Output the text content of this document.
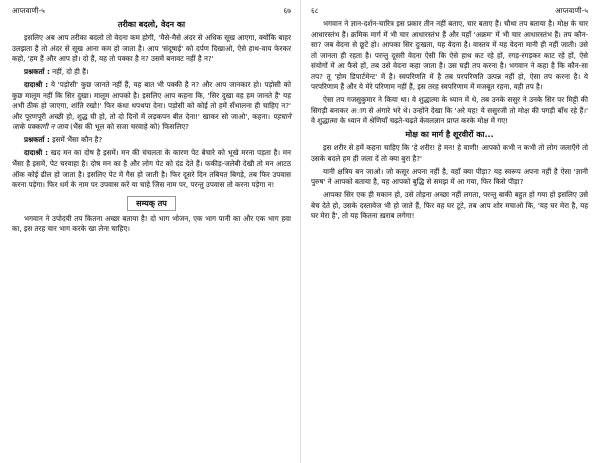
आप्तवाणी-५	६७
तरीका बदलो, वेदन का

इसलिए अब आप तरीका बदलो तो वेदना कम होगी, 'मैसे-मैसे अंदर से अधिक सूख आएगा, क्योंकि बाहर उलझता है तो अंदर से सूख आना कम हो जाता है। आप 'संदूषाई' को दर्पण दिखाओ, ऐसे हाथ-वाय फेरकर कहो, 'हम हैं और आप हो। दो हैं, यह तो पक्का है न? उसमें बनावट नहीं है न?'

प्रश्नकर्ता : नहीं, दो ही हैं।

दादाश्री : ये 'पड़ोसी' कुछ जानते नहीं हैं, यह बात भी पक्की है न? और आप जानकार हो। पड़ोसी को कुछ मालूम नहीं कि सिर दुखा। मालूम आपको है। इसलिए आप कहना कि, 'सिर दुखा वह हम जानते हैं' यह अभी ठीक हो जाएगा, शांति रखो!' फिर कंधा थपथपा देना। पड़ोसी को कोई तो हमें सँभालना ही चाहिए न?' और पूरणपूरी अच्छी हो, शुद्ध घी हो, तो दो दिनों में लड़कपन बीत देना!' खाकर सो जाओ', कहना। पहचाने जाके पक्कागी न जाय (भैंस की भूल को सजा चरवाहे को) फिसलिए?

प्रश्नकर्ता : इसमें भैंसा कौन है?

दादाश्री : खद मन का दोष है इसमें। मन की चंचलता के कारण पेट बेचारे को भूखे मरना पड़ता है। मन भैंसा है इसमें, पेट चरवाहा है। दोष मन का है और लोग पेट को दंड देते हैं। फकीड़-जलेबी देखी तो मन आटठ ऑक कोई ढील हो जाता है। इसलिए पेट में गैस हो जाती है। फिर दूसरे दिन तबियत बिगड़े, तब फिर उपवास करना पड़ेगा। फिर धर्म के नाम पर उपवास करें या चाहे जिस नाम पर, परन्तु उपवास तो करना पड़ेगा न!

सम्यक् तप

भगवान ने उपोदयी तप कितना अच्छा बताया है! दो भाग भोजन, एक भाग पानी का और एक भाग हवा का, इस तरह चार भाग करके खा लेना चाहिए।

६८	आप्तवाणी-५

भगवान ने ज्ञान-दर्शन-चारित्र इस प्रकार तीन नहीं बताए, चार बताए हैं। चौथा तप बताया है। मोक्ष के चार आधारस्तंभ हैं। क्रमिक मार्ग में भी चार आधारस्तंभ हैं और यहाँ 'अक्रम' में भी चार आधारस्तंभ हैं। तप कौन-सा? जब वेदना से छूटें हो। आपका सिर दुःखता, यह वेदना है। वास्तव में यह वेदना मानी ही नहीं जाती। उसे तो जानता ही रहता है। परन्तु दूसरी वेदना ऐसी कि ऐसे हाथ कट रहे हों, रगड़-रगड़कर काट रहे हों, ऐसे संयोगों में आ फैसे हों, तब उसे वेदना कहा जाता है। उस घड़ी तप करना है। भगवान ने कहा है कि कौन-सा तप? तू 'होम डिपार्टमेन्ट' में है। स्वपरिणति में है तब परपरिणति उत्पन्न नहीं हो, ऐसा तप करना है। ये परपरिणाम हैं और ये मेरे परिणाम नहीं हैं, इस तरह स्वपरिणाम में मजबूत रहना, वही तप है।

ऐसा तप गजसुकुमार ने किया था। वे शुद्धात्मा के ध्यान में थे, तब उनके ससुर ने उनके सिर पर मिट्टी की सिगड़ी बनाकर अाग से अंगारे भरे थे। उन्होंने देखा कि 'अरे यह! ये ससुरजी तो मोक्ष की पगड़ी बाँध रहे हैं।' वे शुद्धात्मा के ध्यान में श्रेणियाँ चढ़ते-चढ़ते केवलज्ञान प्राप्त करके मोक्ष में गए!

मोक्ष का मार्ग है शूरवीरों का...

इस शरीर से हमें कहना चाहिए कि 'हे शरीर! हे मन! हे वाणी! आपको कभी न कभी तो लोग जलाएँगे तो उसके बदले हम ही जला दें तो क्या बुरा है?'

यानी क्षत्रिय बन जाओ। जो कसूर अपना नहीं है, वहाँ क्या पीड़ा? यह स्वरूप अपना नहीं है ऐसा 'ज्ञानी पुरुष' ने आपको बताया है, यह आपको बुद्धि से समझ में आ गया, फिर किसे पीड़ा?

आपका सिर एक ही मकान हो, उसे तोड़ना अच्छा नहीं लगता, परन्तु बाकी बहुत हो गया हो इसलिए उसे बेच देते हो, उसके दस्तावेज भी हो जाते हैं, फिर वह घर टूटे, तब आप शोर मचाओ कि, 'यह घर मेरा है, यह घर मेरा है', तो यह कितना ख़राब लगेगा!
